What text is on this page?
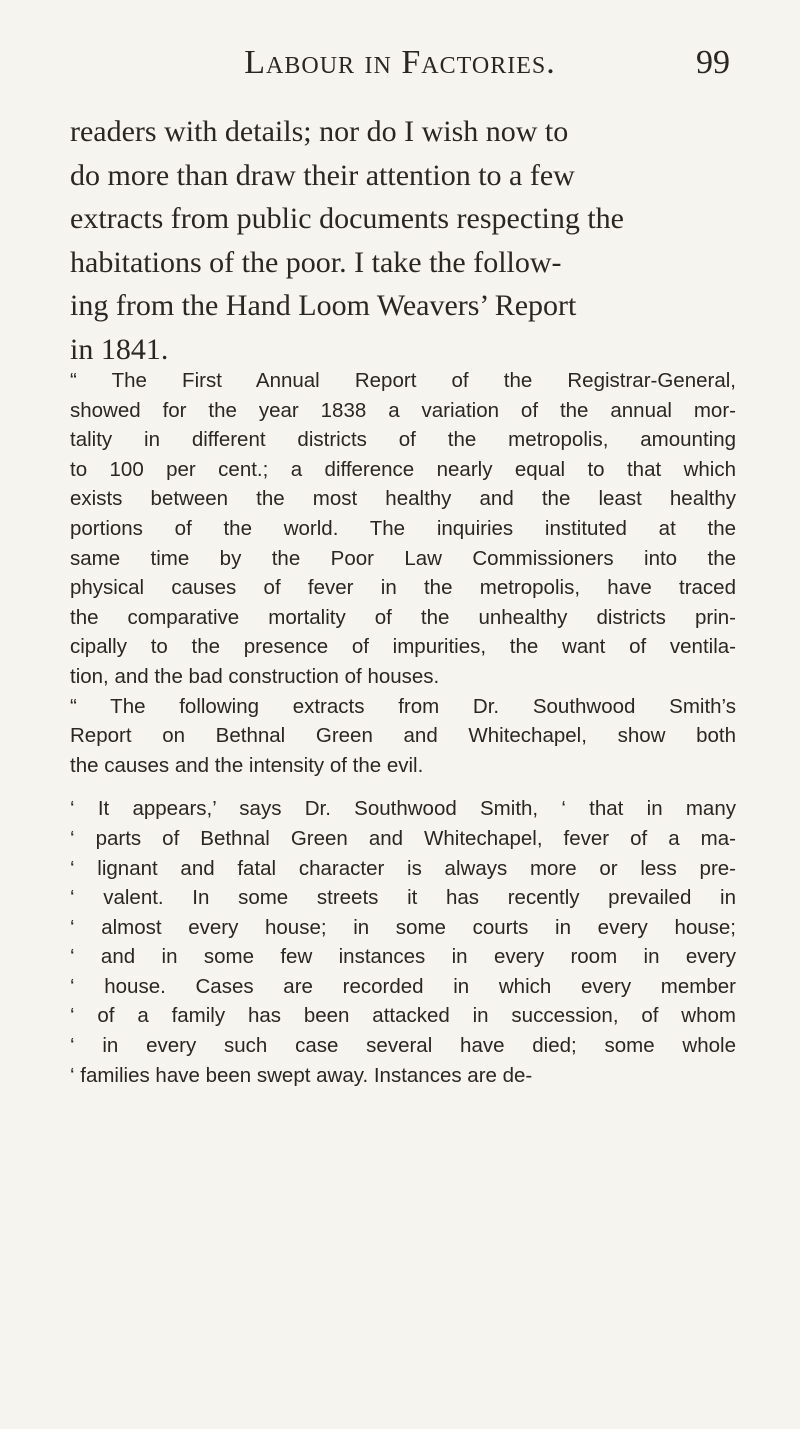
Labour in Factories.	99

readers with details; nor do I wish now to
do more than draw their attention to a few
extracts from public documents respecting the
habitations of the poor. I take the follow-
ing from the Hand Loom Weavers’ Report
in 1841.

“ The First Annual Report of the Registrar-General,
showed for the year 1838 a variation of the annual mor-
tality in different districts of the metropolis, amounting
to 100 per cent.; a difference nearly equal to that which
exists between the most healthy and the least healthy
portions of the world. The inquiries instituted at the
same time by the Poor Law Commissioners into the
physical causes of fever in the metropolis, have traced
the comparative mortality of the unhealthy districts prin-
cipally to the presence of impurities, the want of ventila-
tion, and the bad construction of houses.

“ The following extracts from Dr. Southwood Smith’s
Report on Bethnal Green and Whitechapel, show both
the causes and the intensity of the evil.

‘ It appears,’ says Dr. Southwood Smith, ‘ that in many
‘ parts of Bethnal Green and Whitechapel, fever of a ma-
‘ lignant and fatal character is always more or less pre-
‘ valent. In some streets it has recently prevailed in
‘ almost every house; in some courts in every house;
‘ and in some few instances in every room in every
‘ house. Cases are recorded in which every member
‘ of a family has been attacked in succession, of whom
‘ in every such case several have died; some whole
‘ families have been swept away. Instances are de-
